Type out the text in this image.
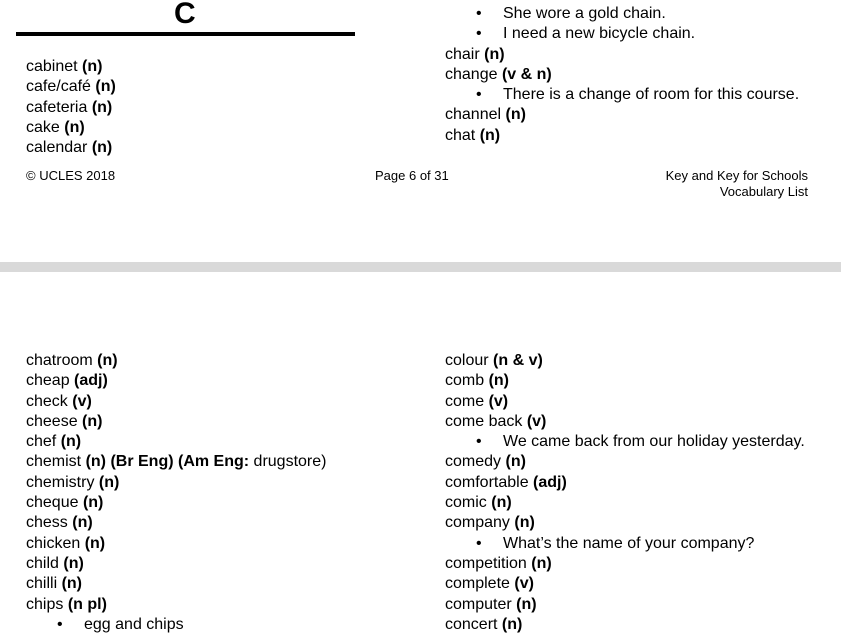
C
cabinet (n)
cafe/café (n)
cafeteria (n)
cake (n)
calendar (n)
• She wore a gold chain.
• I need a new bicycle chain.
chair (n)
change (v & n)
• There is a change of room for this course.
channel (n)
chat (n)
© UCLES 2018	Page 6 of 31	Key and Key for Schools
Vocabulary List
chatroom (n)
cheap (adj)
check (v)
cheese (n)
chef (n)
chemist (n) (Br Eng) (Am Eng: drugstore)
chemistry (n)
cheque (n)
chess (n)
chicken (n)
child (n)
chilli (n)
chips (n pl)
• egg and chips
colour (n & v)
comb (n)
come (v)
come back (v)
• We came back from our holiday yesterday.
comedy (n)
comfortable (adj)
comic (n)
company (n)
• What’s the name of your company?
competition (n)
complete (v)
computer (n)
concert (n)
